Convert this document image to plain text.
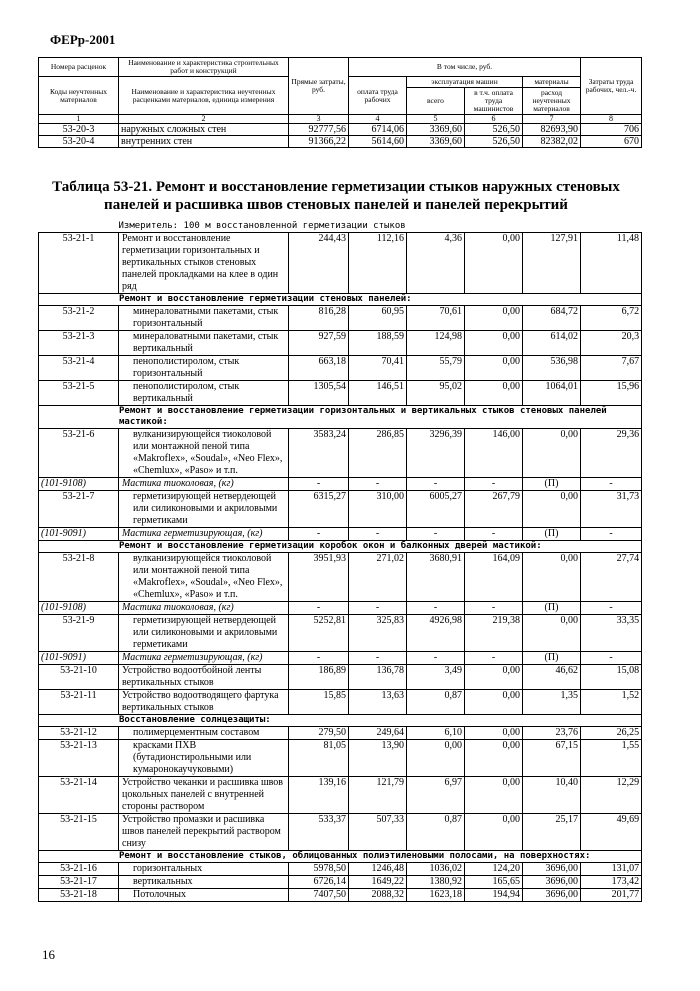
ФЕРр-2001
Номера расценок	Наименование и характеристика строительных работ и конструкций	Прямые затраты, руб.	В том числе, руб.				Затраты труда рабочих, чел.-ч.
Коды неучтенных материалов	Наименование и характеристика неучтенных расценками материалов, единица измерения		оплата труда рабочих	эксплуатация машин		материалы	
				всего	в т.ч. оплата труда машинистов	расход неучтенных материалов	

1	2	3	4	5	6	7	8
53-20-3	наружных сложных стен	92777,56	6714,06	3369,60	526,50	82693,90	706
53-20-4	внутренних стен	91366,22	5614,60	3369,60	526,50	82382,02	670
Таблица 53-21. Ремонт и восстановление герметизации стыков наружных стеновых панелей и расшивка швов стеновых панелей и панелей перекрытий
Измеритель: 100 м восстановленной герметизации стыков							
53-21-1	Ремонт и восстановление герметизации горизонтальных и вертикальных стыков стеновых панелей прокладками на клее в один ряд	244,43	112,16	4,36	0,00	127,91	11,48
Ремонт и восстановление герметизации стеновых панелей:							
53-21-2	минераловатными пакетами, стык горизонтальный	816,28	60,95	70,61	0,00	684,72	6,72
53-21-3	минераловатными пакетами, стык вертикальный	927,59	188,59	124,98	0,00	614,02	20,3
53-21-4	пенополистиролом, стык горизонтальный	663,18	70,41	55,79	0,00	536,98	7,67
53-21-5	пенополистиролом, стык вертикальный	1305,54	146,51	95,02	0,00	1064,01	15,96
Ремонт и восстановление герметизации горизонтальных и вертикальных стыков стеновых панелей мастикой:							
53-21-6	вулканизирующейся тиоколовой или монтажной пеной типа «Makroflex», «Soudal», «Neo Flex», «Chemlux», «Paso» и т.п.	3583,24	286,85	3296,39	146,00	0,00	29,36
(101-9108)	Мастика тиоколовая, (кг)	-	-	-	-	(П)	-
53-21-7	герметизирующей нетвердеющей или силиконовыми и акриловыми герметиками	6315,27	310,00	6005,27	267,79	0,00	31,73
(101-9091)	Мастика герметизирующая, (кг)	-	-	-	-	(П)	-
Ремонт и восстановление герметизации коробок окон и балконных дверей мастикой:							
53-21-8	вулканизирующейся тиоколовой или монтажной пеной типа «Makroflex», «Soudal», «Neo Flex», «Chemlux», «Paso» и т.п.	3951,93	271,02	3680,91	164,09	0,00	27,74
(101-9108)	Мастика тиоколовая, (кг)	-	-	-	-	(П)	-
53-21-9	герметизирующей нетвердеющей или силиконовыми и акриловыми герметиками	5252,81	325,83	4926,98	219,38	0,00	33,35
(101-9091)	Мастика герметизирующая, (кг)	-	-	-	-	(П)	-
53-21-10	Устройство водоотбойной ленты вертикальных стыков	186,89	136,78	3,49	0,00	46,62	15,08
53-21-11	Устройство водоотводящего фартука вертикальных стыков	15,85	13,63	0,87	0,00	1,35	1,52
Восстановление солнцезащиты:							
53-21-12	полимерцементным составом	279,50	249,64	6,10	0,00	23,76	26,25
53-21-13	красками ПХВ (бутадионстирольными или кумаронокаучуковыми)	81,05	13,90	0,00	0,00	67,15	1,55
53-21-14	Устройство чеканки и расшивка швов цокольных панелей с внутренней стороны раствором	139,16	121,79	6,97	0,00	10,40	12,29
53-21-15	Устройство промазки и расшивка швов панелей перекрытий раствором снизу	533,37	507,33	0,87	0,00	25,17	49,69
Ремонт и восстановление стыков, облицованных полиэтиленовыми полосами, на поверхностях:							
53-21-16	горизонтальных	5978,50	1246,48	1036,02	124,20	3696,00	131,07
53-21-17	вертикальных	6726,14	1649,22	1380,92	165,65	3696,00	173,42
53-21-18	Потолочных	7407,50	2088,32	1623,18	194,94	3696,00	201,77
16
